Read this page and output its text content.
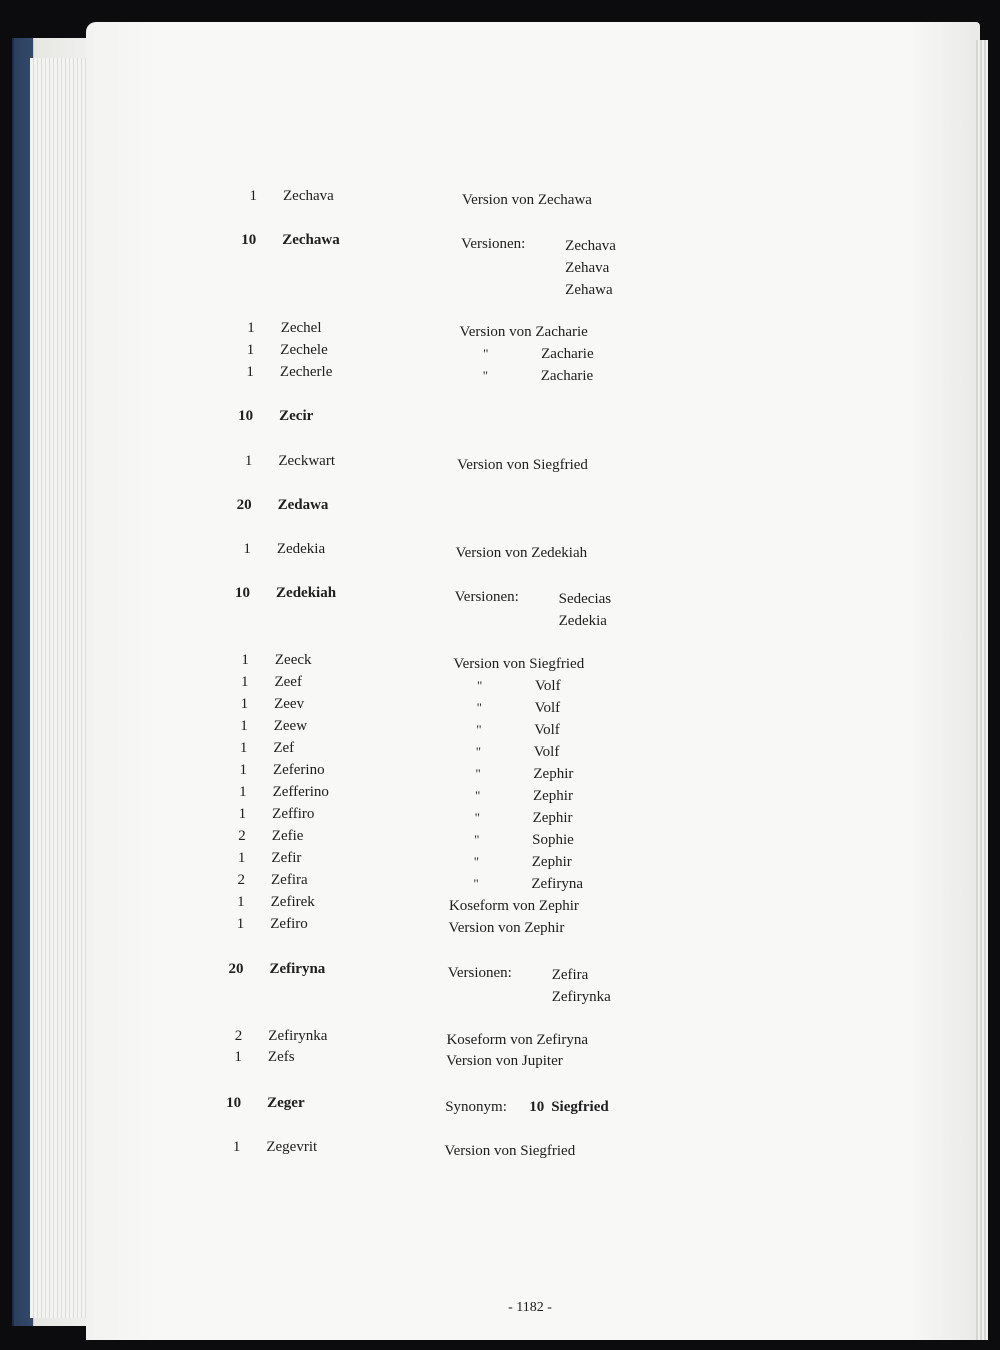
1 Zechava	Version von Zechawa
10 Zechawa	Versionen:	Zechava
Zehava
Zehawa
1 Zechel	Version von Zacharie
1 Zechele	"	Zacharie
1 Zecherle	"	Zacharie
10 Zecir
1 Zeckwart	Version von Siegfried
20 Zedawa
1 Zedekia	Version von Zedekiah
10 Zedekiah	Versionen:	Sedecias
Zedekia
1 Zeeck	Version von Siegfried
1 Zeef	"	Volf
1 Zeev	"	Volf
1 Zeew	"	Volf
1 Zef	"	Volf
1 Zeferino	"	Zephir
1 Zefferino	"	Zephir
1 Zeffiro	"	Zephir
2 Zefie	"	Sophie
1 Zefir	"	Zephir
2 Zefira	"	Zefiryna
1 Zefirek	Koseform von Zephir
1 Zefiro	Version von Zephir
20 Zefiryna	Versionen:	Zefira
Zefirynka
2 Zefirynka	Koseform von Zefiryna
1 Zefs	Version von Jupiter
10 Zeger	Synonym: 10 Siegfried
1 Zegevrit	Version von Siegfried
- 1182 -
